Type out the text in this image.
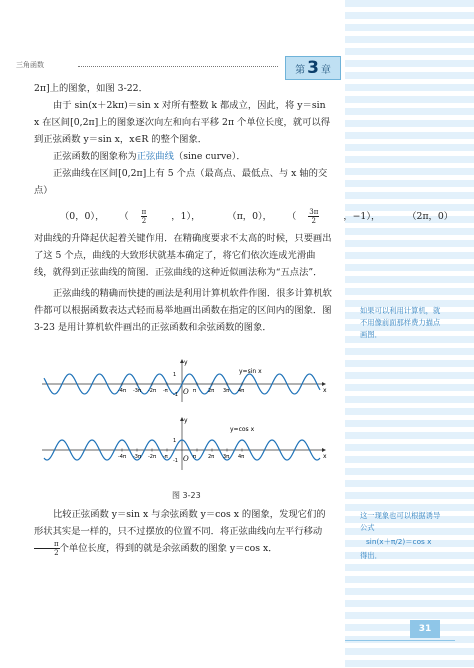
三角函数	第 3 章

2π]上的图象，如图 3-22．

由于 sin(x＋2kπ)＝sin x 对所有整数 k 都成立，因此，将 y＝sin x 在区间[0,2π]上的图象逐次向左和向右平移 2π 个单位长度，就可以得到正弦函数 y＝sin x，x∈R 的整个图象．

正弦函数的图象称为正弦曲线（sine curve）．

正弦曲线在区间[0,2π]上有 5 个点（最高点、最低点、与 x 轴的交点）

（0，0）， （ $\frac{\pi}{2}$ ，1），	（π，0）， （ $\frac{3\pi}{2}$ ，−1），	（2π，0）

对曲线的升降起伏起着关键作用．在精确度要求不太高的时候，只要画出了这 5 个点，曲线的大致形状就基本确定了，将它们依次连成光滑曲线，就得到正弦曲线的简图．正弦曲线的这种近似画法称为“五点法”．

正弦曲线的精确而快捷的画法是利用计算机软件作图．很多计算机软件都可以根据函数表达式轻而易举地画出函数在指定的区间内的图象．图 3-23 是用计算机软件画出的正弦函数和余弦函数的图象．

如果可以利用计算机，就不用像前面那样费力描点画图．
x
y
O
y=sin x
-4π -3π -2π -π	π 2π 3π 4π
1
-1
x
y
O
y=cos x
-4π -3π -2π -π	π 2π 3π 4π
1
-1
图 3-23

比较正弦函数 y＝sin x 与余弦函数 y＝cos x 的图象，发现它们的形状其实是一样的，只不过摆放的位置不同．将正弦曲线向左平行移动
$\frac{\pi}{2}$ 个单位长度，得到的就是余弦函数的图象 y＝cos x．

这一现象也可以根据诱导公式
sin(x＋π/2)＝cos x
得出．
31
